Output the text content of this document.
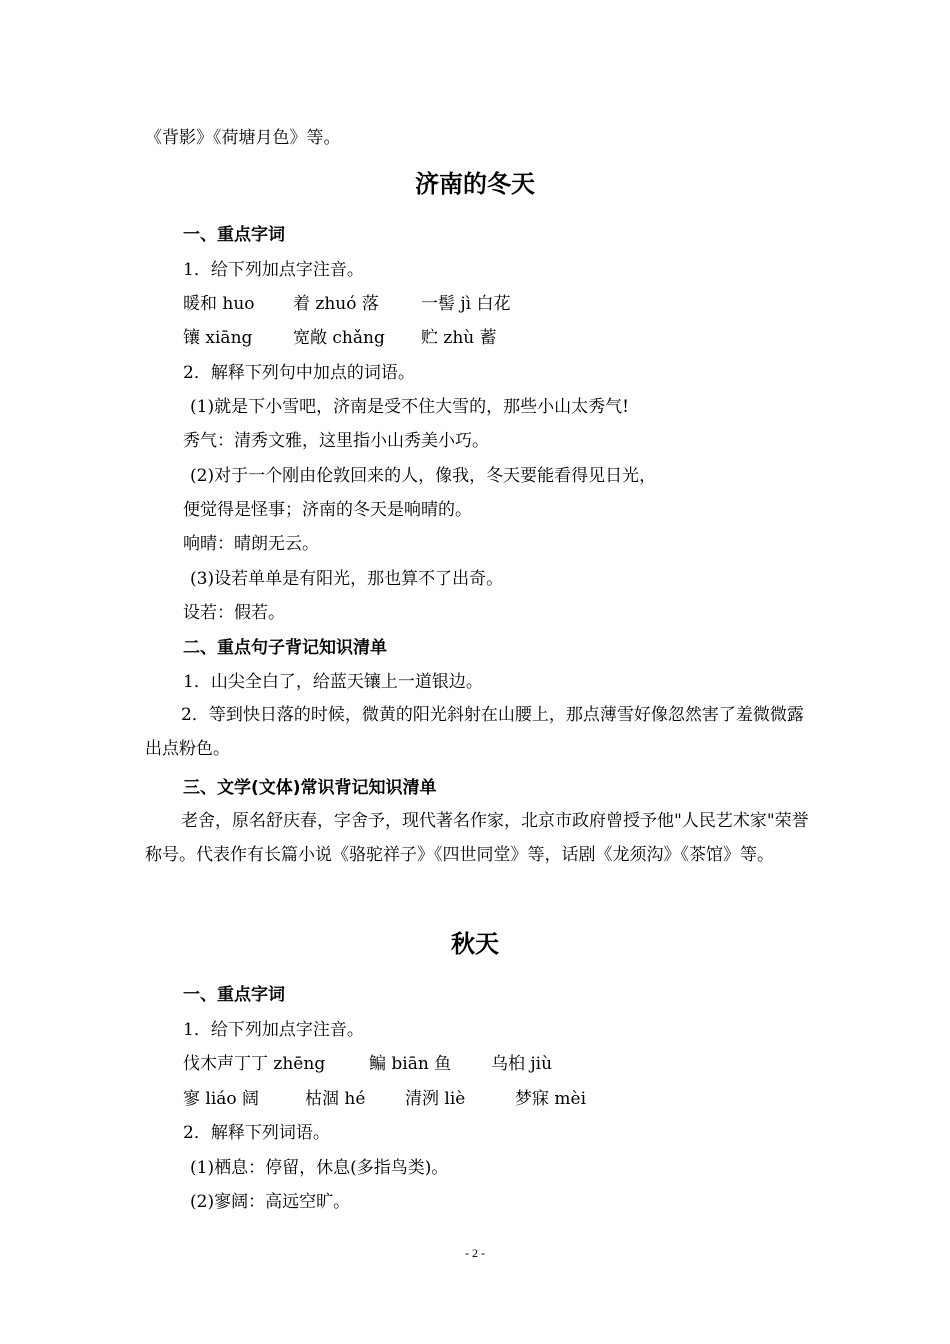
《背影》《荷塘月色》等。
济南的冬天
一、重点字词
1．给下列加点字注音。
暖和 huo 着 zhuó 落 一髻 jì 白花
镶 xiāng 宽敞 chǎng 贮 zhù 蓄
2．解释下列句中加点的词语。
(1)就是下小雪吧，济南是受不住大雪的，那些小山太秀气!
秀气：清秀文雅，这里指小山秀美小巧。
(2)对于一个刚由伦敦回来的人，像我，冬天要能看得见日光，
便觉得是怪事；济南的冬天是响晴的。
响晴：晴朗无云。
(3)设若单单是有阳光，那也算不了出奇。
设若：假若。
二、重点句子背记知识清单
1．山尖全白了，给蓝天镶上一道银边。
2．等到快日落的时候，微黄的阳光斜射在山腰上，那点薄雪好像忽然害了羞微微露出点粉色。
三、文学(文体)常识背记知识清单
老舍，原名舒庆春，字舍予，现代著名作家，北京市政府曾授予他"人民艺术家"荣誉称号。代表作有长篇小说《骆驼祥子》《四世同堂》等，话剧《龙须沟》《茶馆》等。
秋天
一、重点字词
1．给下列加点字注音。
伐木声丁丁 zhēng	鳊 biān 鱼 乌桕 jiù
寥 liáo 阔	枯涸 hé 清洌 liè	梦寐 mèi
2．解释下列词语。
(1)栖息：停留，休息(多指鸟类)。
(2)寥阔：高远空旷。
- 2 -
